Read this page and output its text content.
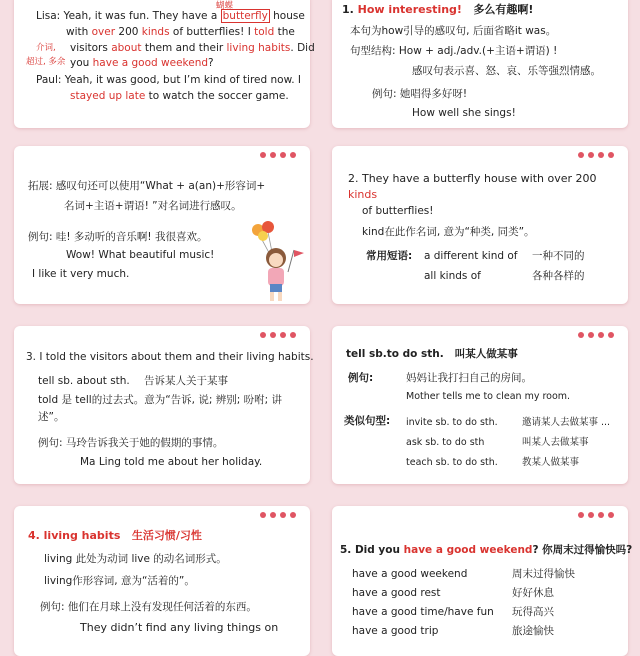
蝴蝶
Lisa: Yeah, it was fun. They have a butterfly house
with over 200 kinds of butterflies! I told the
介词, visitors about them and their living habits. Did
超过, 多余 you have a good weekend?
Paul: Yeah, it was good, but I’m kind of tired now. I
stayed up late to watch the soccer game.
1. How interesting! 多么有趣啊!
本句为how引导的感叹句, 后面省略it was。
句型结构: How + adj./adv.(+主语+谓语) !
感叹句表示喜、怒、哀、乐等强烈情感。
例句: 她唱得多好呀!
How well she sings!
拓展: 感叹句还可以使用“What + a(an)+形容词+
名词+主语+谓语! ”对名词进行感叹。
例句: 哇! 多动听的音乐啊! 我很喜欢。
Wow! What beautiful music!
I like it very much.
2. They have a butterfly house with over 200
kinds
of butterflies!
kind在此作名词, 意为“种类, 同类”。
常用短语: a different kind of 一种不同的
all kinds of	各种各样的
3. I told the visitors about them and their living habits.
tell sb. about sth. 告诉某人关于某事
told 是 tell的过去式。意为“告诉, 说; 辨别; 吩咐; 讲
述”。
例句: 马玲告诉我关于她的假期的事情。
Ma Ling told me about her holiday.
tell sb.to do sth. 叫某人做某事
例句:	妈妈让我打扫自己的房间。
Mother tells me to clean my room.
类似句型: invite sb. to do sth.	邀请某人去做某事 ...
ask sb. to do sth	叫某人去做某事
teach sb. to do sth.	教某人做某事
4. living habits 生活习惯/习性
living 此处为动词 live 的动名词形式。
living作形容词, 意为“活着的”。
例句: 他们在月球上没有发现任何活着的东西。
They didn’t find any living things on
5. Did you have a good weekend? 你周末过得愉快吗?
have a good weekend	周末过得愉快
have a good rest	好好休息
have a good time/have fun 玩得高兴
have a good trip	旅途愉快
